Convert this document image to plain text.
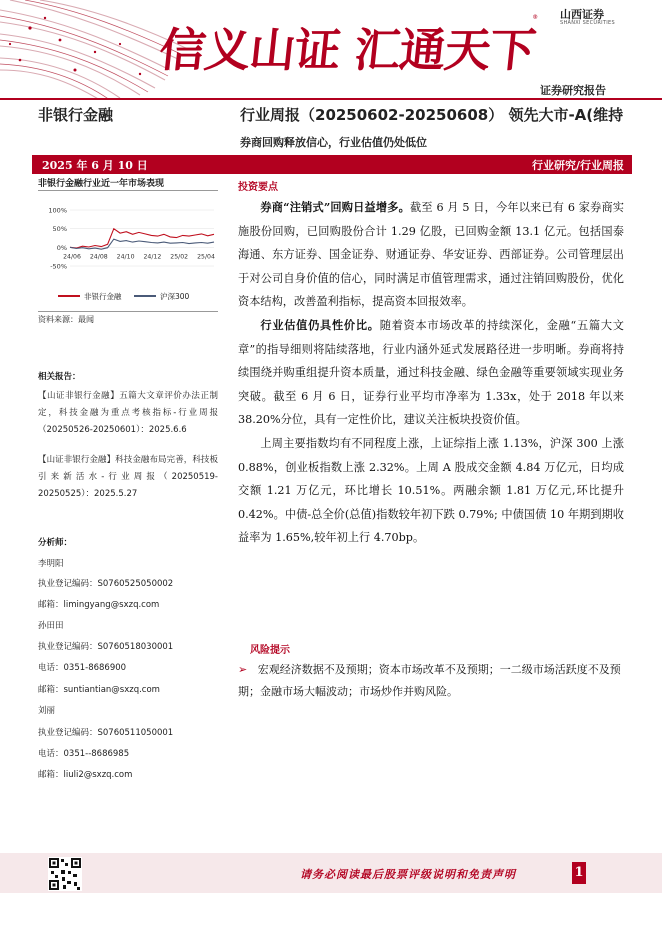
信义山证 汇通天下
山西证券
SHANXI SECURITIES
证券研究报告
非银行金融	行业周报（20250602-20250608） 领先大市-A(维持
券商回购释放信心，行业估值仍处低位
2025 年 6 月 10 日	行业研究/行业周报
非银行金融行业近一年市场表现
100%
50%
0%
-50%
24/06 24/08 24/10 24/12 25/02 25/04
非银行金融	沪深300
资料来源：最闻
相关报告：
【山证非银行金融】五篇大文章评价办法正制定，科技金融为重点考核指标-行业周报（20250526-20250601）：2025.6.6
【山证非银行金融】科技金融布局完善，科技板引来新活水-行业周报（20250519-20250525）：2025.5.27
分析师：
李明阳
执业登记编码：S0760525050002
邮箱：limingyang@sxzq.com
孙田田
执业登记编码：S0760518030001
电话：0351-8686900
邮箱：suntiantian@sxzq.com
刘丽
执业登记编码：S0760511050001
电话：0351--8686985
邮箱：liuli2@sxzq.com
投资要点

券商“注销式”回购日益增多。截至 6 月 5 日，今年以来已有 6 家券商实施股份回购，已回购股份合计 1.29 亿股，已回购金额 13.1 亿元。包括国泰海通、东方证券、国金证券、财通证券、华安证券、西部证券。公司管理层出于对公司自身价值的信心，同时满足市值管理需求，通过注销回购股份，优化资本结构，改善盈利指标，提高资本回报效率。

行业估值仍具性价比。随着资本市场改革的持续深化，金融“五篇大文章”的指导细则将陆续落地，行业内涵外延式发展路径进一步明晰。券商将持续围绕并购重组提升资本质量，通过科技金融、绿色金融等重要领域实现业务突破。截至 6 月 6 日，证券行业平均市净率为 1.33x，处于 2018 年以来 38.20%分位，具有一定性价比，建议关注板块投资价值。

上周主要指数均有不同程度上涨，上证综指上涨 1.13%，沪深 300 上涨 0.88%，创业板指数上涨 2.32%。上周 A 股成交金额 4.84 万亿元，日均成交额 1.21 万亿元，环比增长 10.51%。两融余额 1.81 万亿元,环比提升 0.42%。中债-总全价(总值)指数较年初下跌 0.79%; 中债国债 10 年期到期收益率为 1.65%,较年初上行 4.70bp。

风险提示
➢ 宏观经济数据不及预期；资本市场改革不及预期；一二级市场活跃度不及预期；金融市场大幅波动；市场炒作并购风险。
请务必阅读最后股票评级说明和免责声明	1
